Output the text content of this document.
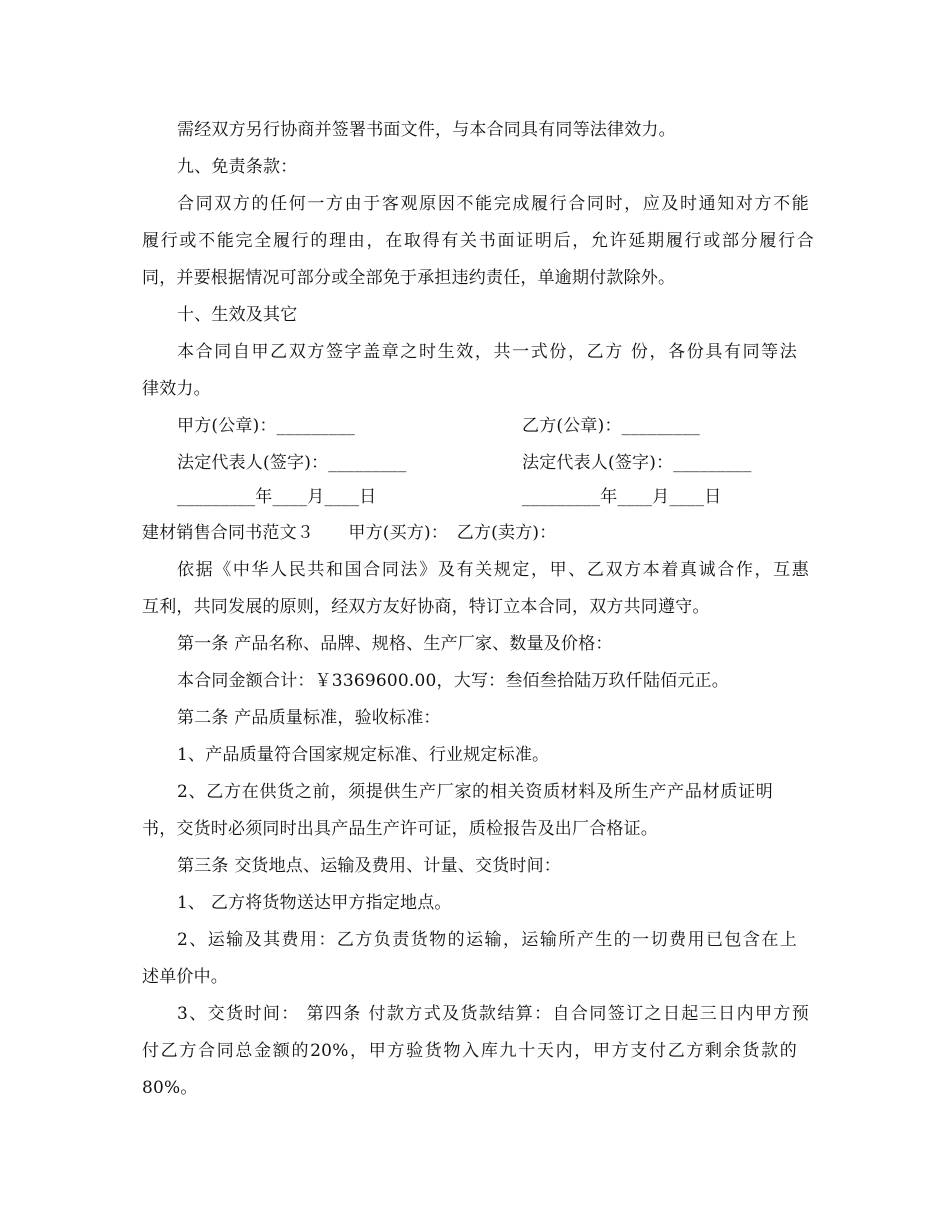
需经双方另行协商并签署书面文件，与本合同具有同等法律效力。
九、免责条款：
合同双方的任何一方由于客观原因不能完成履行合同时，应及时通知对方不能
履行或不能完全履行的理由，在取得有关书面证明后，允许延期履行或部分履行合
同，并要根据情况可部分或全部免于承担违约责任，单逾期付款除外。
十、生效及其它
本合同自甲乙双方签字盖章之时生效，共一式份，乙方 份，各份具有同等法
律效力。
甲方(公章)：_________	乙方(公章)：_________
法定代表人(签字)：_________	法定代表人(签字)：_________
_________年____月____日	_________年____月____日
建材销售合同书范文３　　甲方(买方)：　乙方(卖方)：
依据《中华人民共和国合同法》及有关规定，甲、乙双方本着真诚合作，互惠
互利，共同发展的原则，经双方友好协商，特订立本合同，双方共同遵守。
第一条 产品名称、品牌、规格、生产厂家、数量及价格：
本合同金额合计：￥3369600.00，大写：叁佰叁拾陆万玖仟陆佰元正。
第二条 产品质量标准，验收标准：
1、产品质量符合国家规定标准、行业规定标准。
2、乙方在供货之前，须提供生产厂家的相关资质材料及所生产产品材质证明
书，交货时必须同时出具产品生产许可证，质检报告及出厂合格证。
第三条 交货地点、运输及费用、计量、交货时间：
1、 乙方将货物送达甲方指定地点。
2、运输及其费用：乙方负责货物的运输，运输所产生的一切费用已包含在上
述单价中。
3、交货时间： 第四条 付款方式及货款结算：自合同签订之日起三日内甲方预
付乙方合同总金额的20%，甲方验货物入库九十天内，甲方支付乙方剩余货款的
80%。
